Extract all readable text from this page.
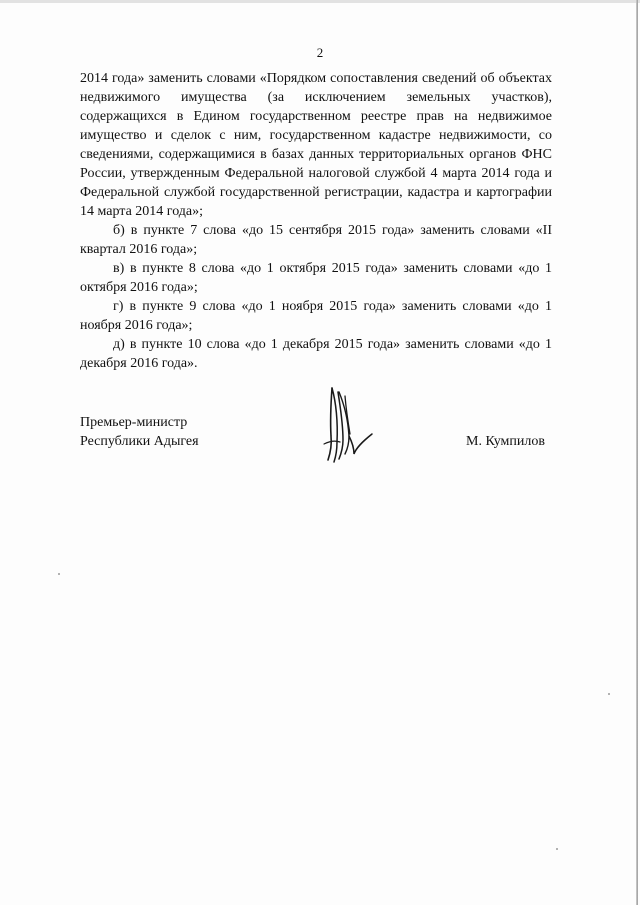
2

2014 года» заменить словами «Порядком сопоставления сведений об объектах недвижимого имущества (за исключением земельных участков), содержащихся в Едином государственном реестре прав на недвижимое имущество и сделок с ним, государственном кадастре недвижимости, со сведениями, содержащимися в базах данных территориальных органов ФНС России, утвержденным Федеральной налоговой службой 4 марта 2014 года и Федеральной службой государственной регистрации, кадастра и картографии 14 марта 2014 года»;

б) в пункте 7 слова «до 15 сентября 2015 года» заменить словами «II квартал 2016 года»;

в) в пункте 8 слова «до 1 октября 2015 года» заменить словами «до 1 октября 2016 года»;

г) в пункте 9 слова «до 1 ноября 2015 года» заменить словами «до 1 ноября 2016 года»;

д) в пункте 10 слова «до 1 декабря 2015 года» заменить словами «до 1 декабря 2016 года».

Премьер-министр
Республики Адыгея	М. Кумпилов
